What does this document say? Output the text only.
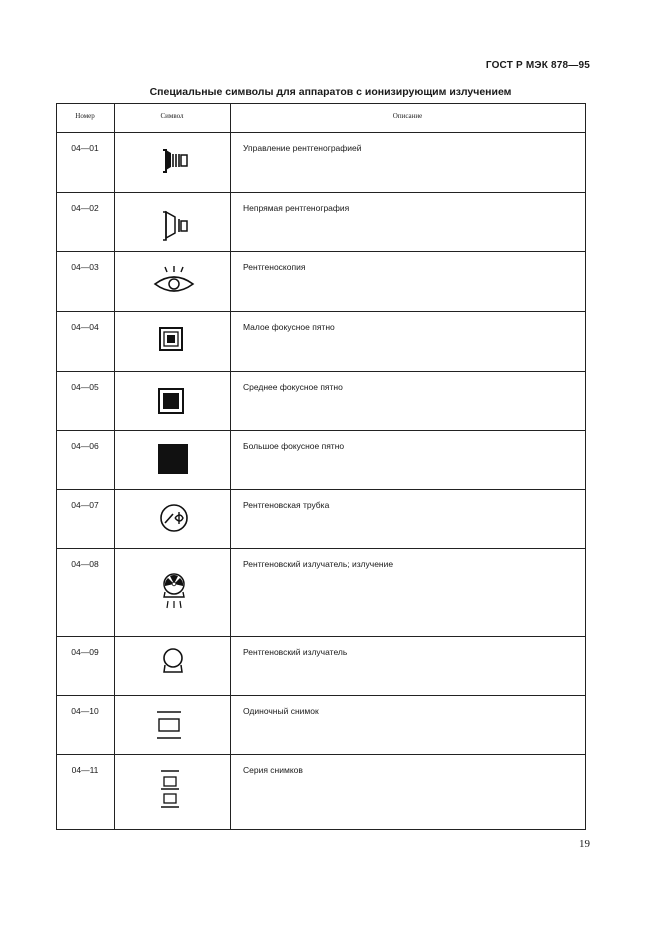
ГОСТ Р МЭК 878—95
Специальные символы для аппаратов с ионизирующим излучением
Номер	Символ	Описание
04—01	Управление рентгенографией
04—02	Непрямая рентгенография
04—03	Рентгеноскопия
04—04	Малое фокусное пятно
04—05	Среднее фокусное пятно
04—06	Большое фокусное пятно
04—07	Рентгеновская трубка
04—08	Рентгеновский излучатель; излучение
04—09	Рентгеновский излучатель
04—10	Одиночный снимок
04—11	Серия снимков
19
